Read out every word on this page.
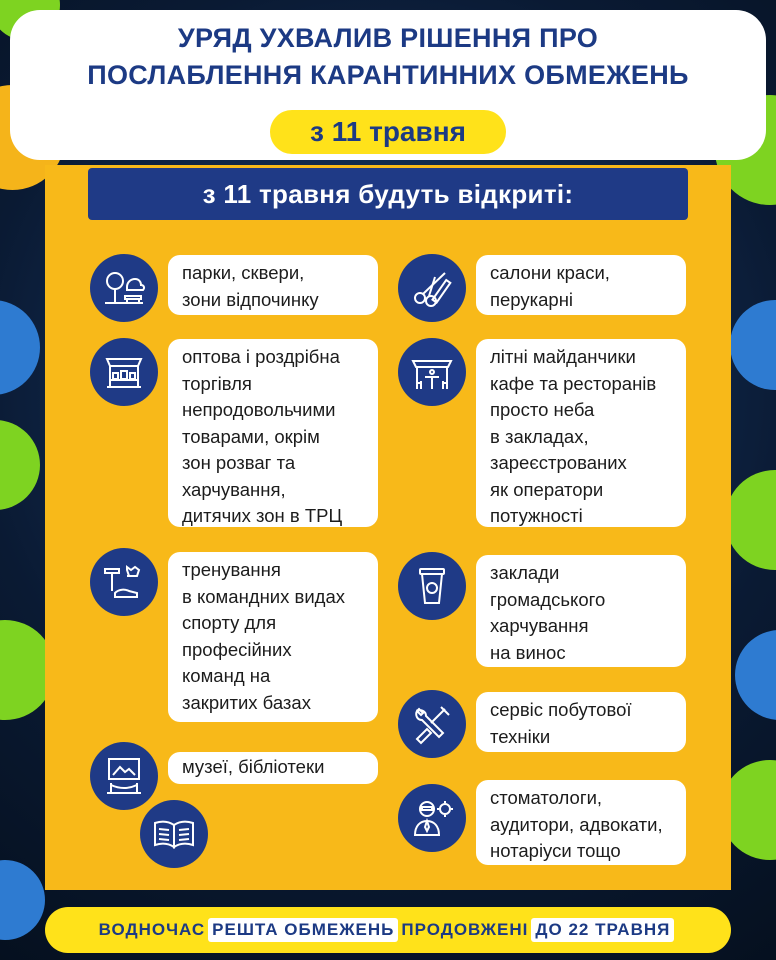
УРЯД УХВАЛИВ РІШЕННЯ ПРО
ПОСЛАБЛЕННЯ КАРАНТИННИХ ОБМЕЖЕНЬ
з 11 травня
з 11 травня будуть відкриті:
парки, сквери,
зони відпочинку
оптова і роздрібна
торгівля
непродовольчими
товарами, окрім
зон розваг та
харчування,
дитячих зон в ТРЦ
тренування
в командних видах
спорту для
професійних
команд на
закритих базах
музеї, бібліотеки
салони краси,
перукарні
літні майданчики
кафе та ресторанів
просто неба
в закладах,
зареєстрованих
як оператори
потужності
заклади
громадського
харчування
на винос
сервіс побутової
техніки
стоматологи,
аудитори, адвокати,
нотаріуси тощо
ВОДНОЧАС РЕШТА ОБМЕЖЕНЬ ПРОДОВЖЕНІ ДО 22 ТРАВНЯ
